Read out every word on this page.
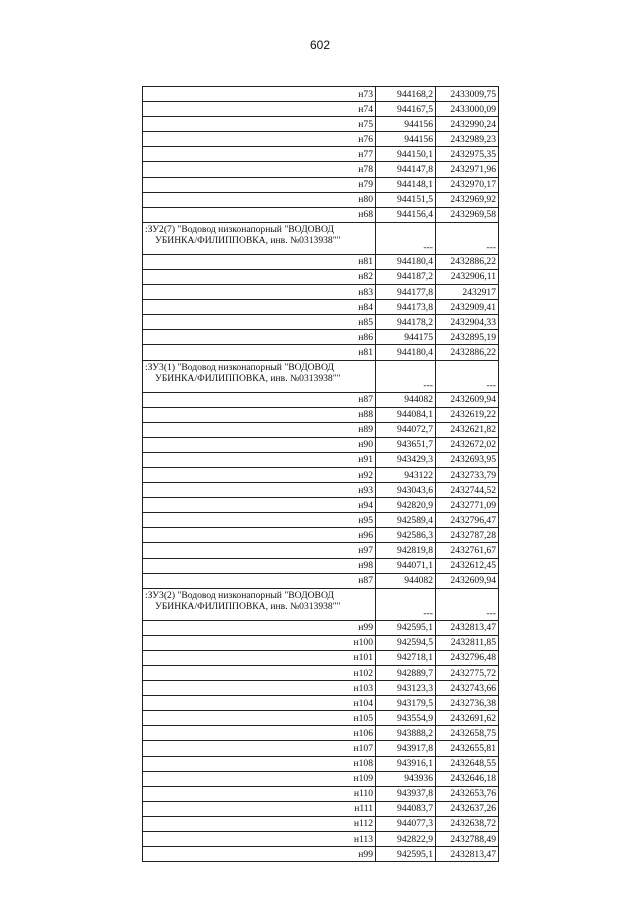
602
н73	944168,2	2433009,75
н74	944167,5	2433000,09
н75	944156	2432990,24
н76	944156	2432989,23
н77	944150,1	2432975,35
н78	944147,8	2432971,96
н79	944148,1	2432970,17
н80	944151,5	2432969,92
н68	944156,4	2432969,58

:ЗУ2(7) "Водовод низконапорный "ВОДОВОД УБИНКА/ФИЛИППОВКА, инв. №0313938""	---	---
н81	944180,4	2432886,22
н82	944187,2	2432906,11
н83	944177,8	2432917
н84	944173,8	2432909,41
н85	944178,2	2432904,33
н86	944175	2432895,19
н81	944180,4	2432886,22

:ЗУ3(1) "Водовод низконапорный "ВОДОВОД УБИНКА/ФИЛИППОВКА, инв. №0313938""	---	---
н87	944082	2432609,94
н88	944084,1	2432619,22
н89	944072,7	2432621,82
н90	943651,7	2432672,02
н91	943429,3	2432693,95
н92	943122	2432733,79
н93	943043,6	2432744,52
н94	942820,9	2432771,09
н95	942589,4	2432796,47
н96	942586,3	2432787,28
н97	942819,8	2432761,67
н98	944071,1	2432612,45
н87	944082	2432609,94

:ЗУ3(2) "Водовод низконапорный "ВОДОВОД УБИНКА/ФИЛИППОВКА, инв. №0313938""	---	---
н99	942595,1	2432813,47
н100	942594,5	2432811,85
н101	942718,1	2432796,48
н102	942889,7	2432775,72
н103	943123,3	2432743,66
н104	943179,5	2432736,38
н105	943554,9	2432691,62
н106	943888,2	2432658,75
н107	943917,8	2432655,81
н108	943916,1	2432648,55
н109	943936	2432646,18
н110	943937,8	2432653,76
н111	944083,7	2432637,26
н112	944077,3	2432638,72
н113	942822,9	2432788,49
н99	942595,1	2432813,47
